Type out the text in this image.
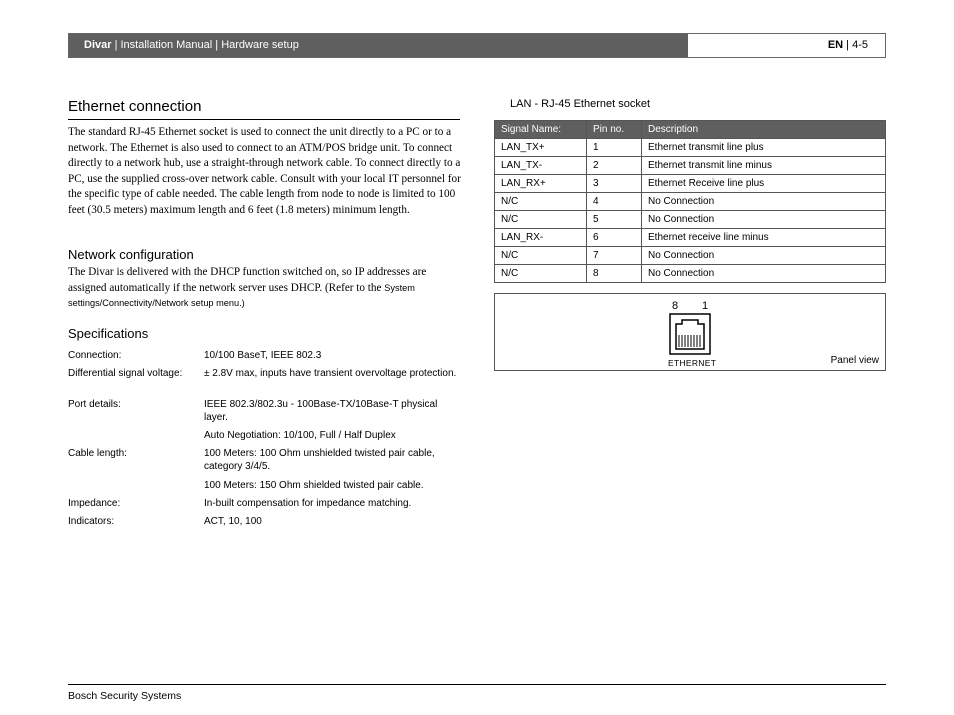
Divar | Installation Manual | Hardware setup	EN | 4-5
Ethernet connection
The standard RJ-45 Ethernet socket is used to connect the unit directly to a PC or to a network. The Ethernet is also used to connect to an ATM/POS bridge unit. To connect directly to a network hub, use a straight-through network cable. To connect directly to a PC, use the supplied cross-over network cable. Consult with your local IT personnel for the specific type of cable needed. The cable length from node to node is limited to 100 feet (30.5 meters) maximum length and 6 feet (1.8 meters) minimum length.
Network configuration
The Divar is delivered with the DHCP function switched on, so IP addresses are assigned automatically if the network server uses DHCP. (Refer to the System settings/Connectivity/Network setup menu.)
Specifications
Connection:	10/100 BaseT, IEEE 802.3
Differential signal voltage: ± 2.8V max, inputs have transient overvoltage protection.
Port details:	IEEE 802.3/802.3u - 100Base-TX/10Base-T physical layer.
Auto Negotiation: 10/100, Full / Half Duplex
Cable length:	100 Meters: 100 Ohm unshielded twisted pair cable, category 3/4/5.
100 Meters: 150 Ohm shielded twisted pair cable.
Impedance:	In-built compensation for impedance matching.
Indicators:	ACT, 10, 100
LAN - RJ-45 Ethernet socket
Signal Name:	Pin no.	Description
LAN_TX+	1	Ethernet transmit line plus
LAN_TX-	2	Ethernet transmit line minus
LAN_RX+	3	Ethernet Receive line plus
N/C	4	No Connection
N/C	5	No Connection
LAN_RX-	6	Ethernet receive line minus
N/C	7	No Connection
N/C	8	No Connection
8 1
ETHERNET	Panel view
Bosch Security Systems
